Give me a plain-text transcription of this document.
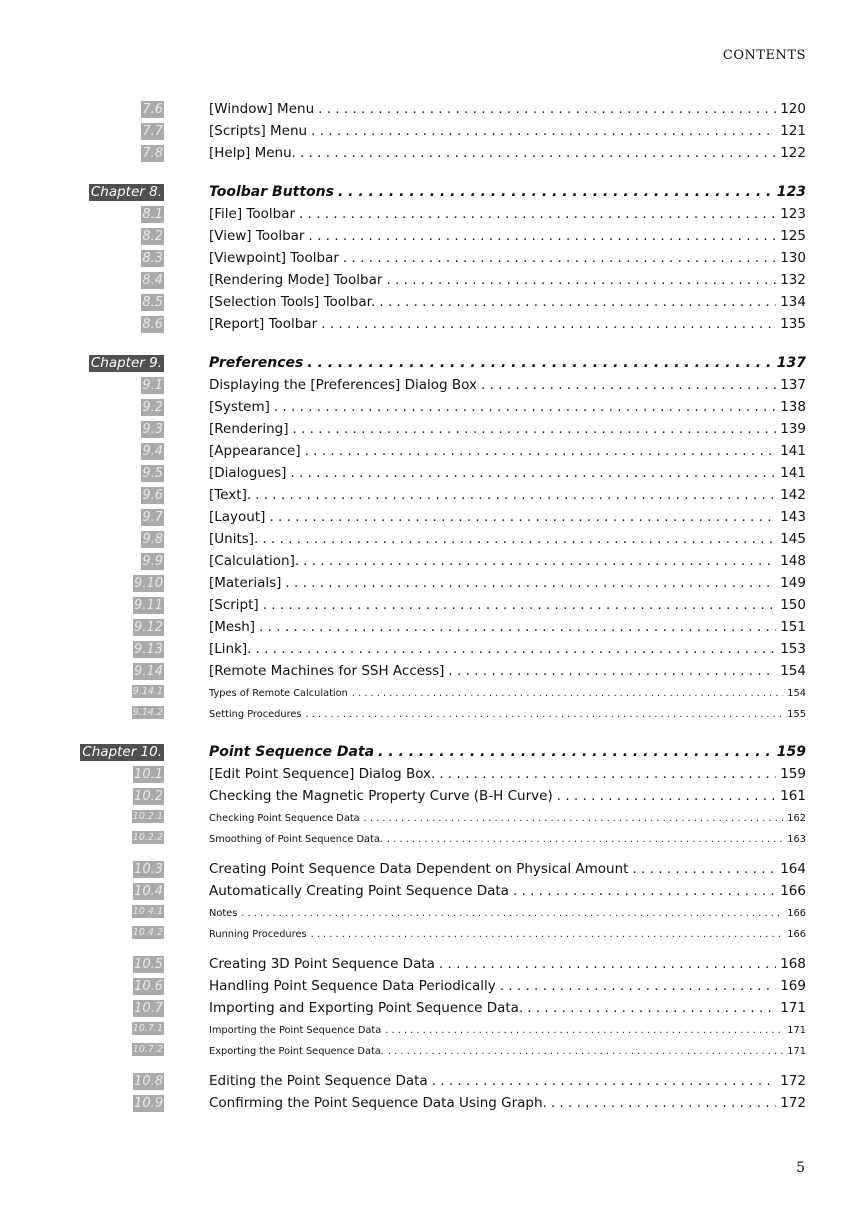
CONTENTS
7.6	[Window] Menu . . .	120
7.7	[Scripts] Menu . . .	121
7.8	[Help] Menu. . . .	122
Chapter 8.	Toolbar Buttons . . .	123
8.1	[File] Toolbar . . .	123
8.2	[View] Toolbar . . .	125
8.3	[Viewpoint] Toolbar . . .	130
8.4	[Rendering Mode] Toolbar . . .	132
8.5	[Selection Tools] Toolbar. . . .	134
8.6	[Report] Toolbar . . .	135
Chapter 9.	Preferences . . .	137
9.1	Displaying the [Preferences] Dialog Box . . .	137
9.2	[System] . . .	138
9.3	[Rendering] . . .	139
9.4	[Appearance] . . .	141
9.5	[Dialogues] . . .	141
9.6	[Text]. . . .	142
9.7	[Layout] . . .	143
9.8	[Units]. . . .	145
9.9	[Calculation]. . . .	148
9.10	[Materials] . . .	149
9.11	[Script] . . .	150
9.12	[Mesh] . . .	151
9.13	[Link]. . . .	153
9.14	[Remote Machines for SSH Access] . . .	154
9.14.1	Types of Remote Calculation . . .	154
9.14.2	Setting Procedures . . .	155
Chapter 10.	Point Sequence Data . . .	159
10.1	[Edit Point Sequence] Dialog Box. . . .	159
10.2	Checking the Magnetic Property Curve (B-H Curve) . . .	161
10.2.1	Checking Point Sequence Data . . .	162
10.2.2	Smoothing of Point Sequence Data. . . .	163
10.3	Creating Point Sequence Data Dependent on Physical Amount . . .	164
10.4	Automatically Creating Point Sequence Data . . .	166
10.4.1	Notes . . .	166
10.4.2	Running Procedures . . .	166
10.5	Creating 3D Point Sequence Data . . .	168
10.6	Handling Point Sequence Data Periodically . . .	169
10.7	Importing and Exporting Point Sequence Data. . . .	171
10.7.1	Importing the Point Sequence Data . . .	171
10.7.2	Exporting the Point Sequence Data. . . .	171
10.8	Editing the Point Sequence Data . . .	172
10.9	Confirming the Point Sequence Data Using Graph. . . .	172
5
